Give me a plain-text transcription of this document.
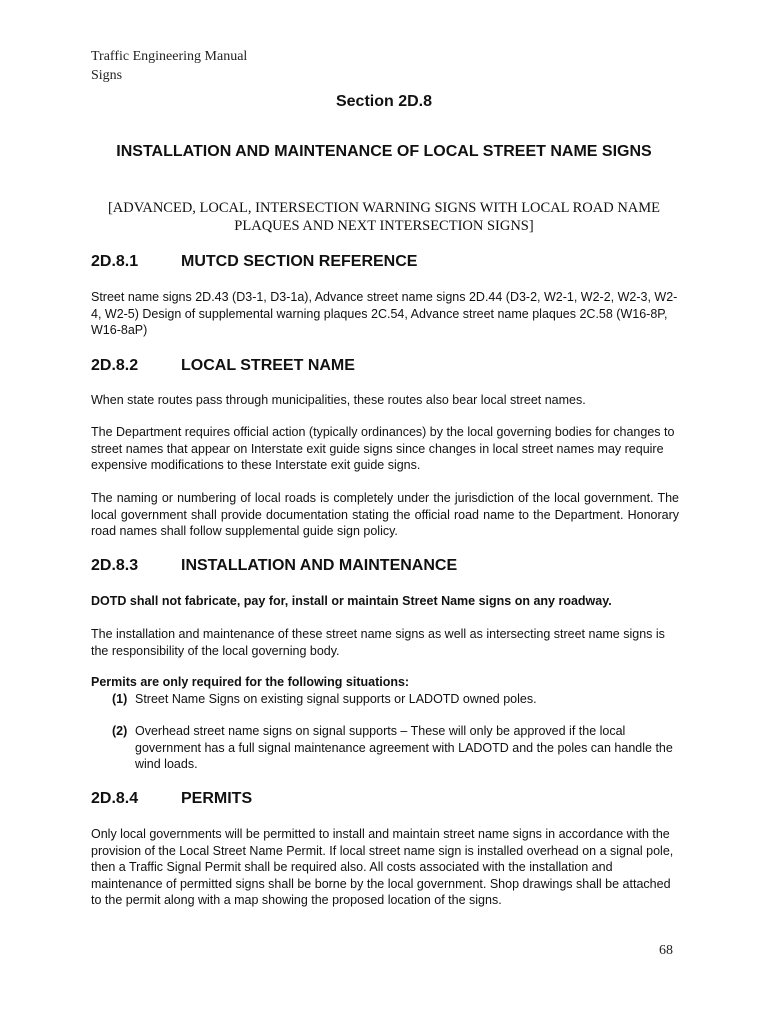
Traffic Engineering Manual
Signs
Section 2D.8
INSTALLATION AND MAINTENANCE OF LOCAL STREET NAME SIGNS
[ADVANCED, LOCAL, INTERSECTION WARNING SIGNS WITH LOCAL ROAD NAME PLAQUES AND NEXT INTERSECTION SIGNS]
2D.8.1	MUTCD SECTION REFERENCE
Street name signs 2D.43 (D3-1, D3-1a), Advance street name signs 2D.44 (D3-2, W2-1, W2-2, W2-3, W2-4, W2-5) Design of supplemental warning plaques 2C.54, Advance street name plaques 2C.58 (W16-8P, W16-8aP)
2D.8.2	LOCAL STREET NAME
When state routes pass through municipalities, these routes also bear local street names.
The Department requires official action (typically ordinances) by the local governing bodies for changes to street names that appear on Interstate exit guide signs since changes in local street names may require expensive modifications to these Interstate exit guide signs.
The naming or numbering of local roads is completely under the jurisdiction of the local government. The local government shall provide documentation stating the official road name to the Department. Honorary road names shall follow supplemental guide sign policy.
2D.8.3	INSTALLATION AND MAINTENANCE
DOTD shall not fabricate, pay for, install or maintain Street Name signs on any roadway.
The installation and maintenance of these street name signs as well as intersecting street name signs is the responsibility of the local governing body.
Permits are only required for the following situations:
(1) Street Name Signs on existing signal supports or LADOTD owned poles.
(2) Overhead street name signs on signal supports – These will only be approved if the local government has a full signal maintenance agreement with LADOTD and the poles can handle the wind loads.
2D.8.4	PERMITS
Only local governments will be permitted to install and maintain street name signs in accordance with the provision of the Local Street Name Permit. If local street name sign is installed overhead on a signal pole, then a Traffic Signal Permit shall be required also. All costs associated with the installation and maintenance of permitted signs shall be borne by the local government. Shop drawings shall be attached to the permit along with a map showing the proposed location of the signs.
68
